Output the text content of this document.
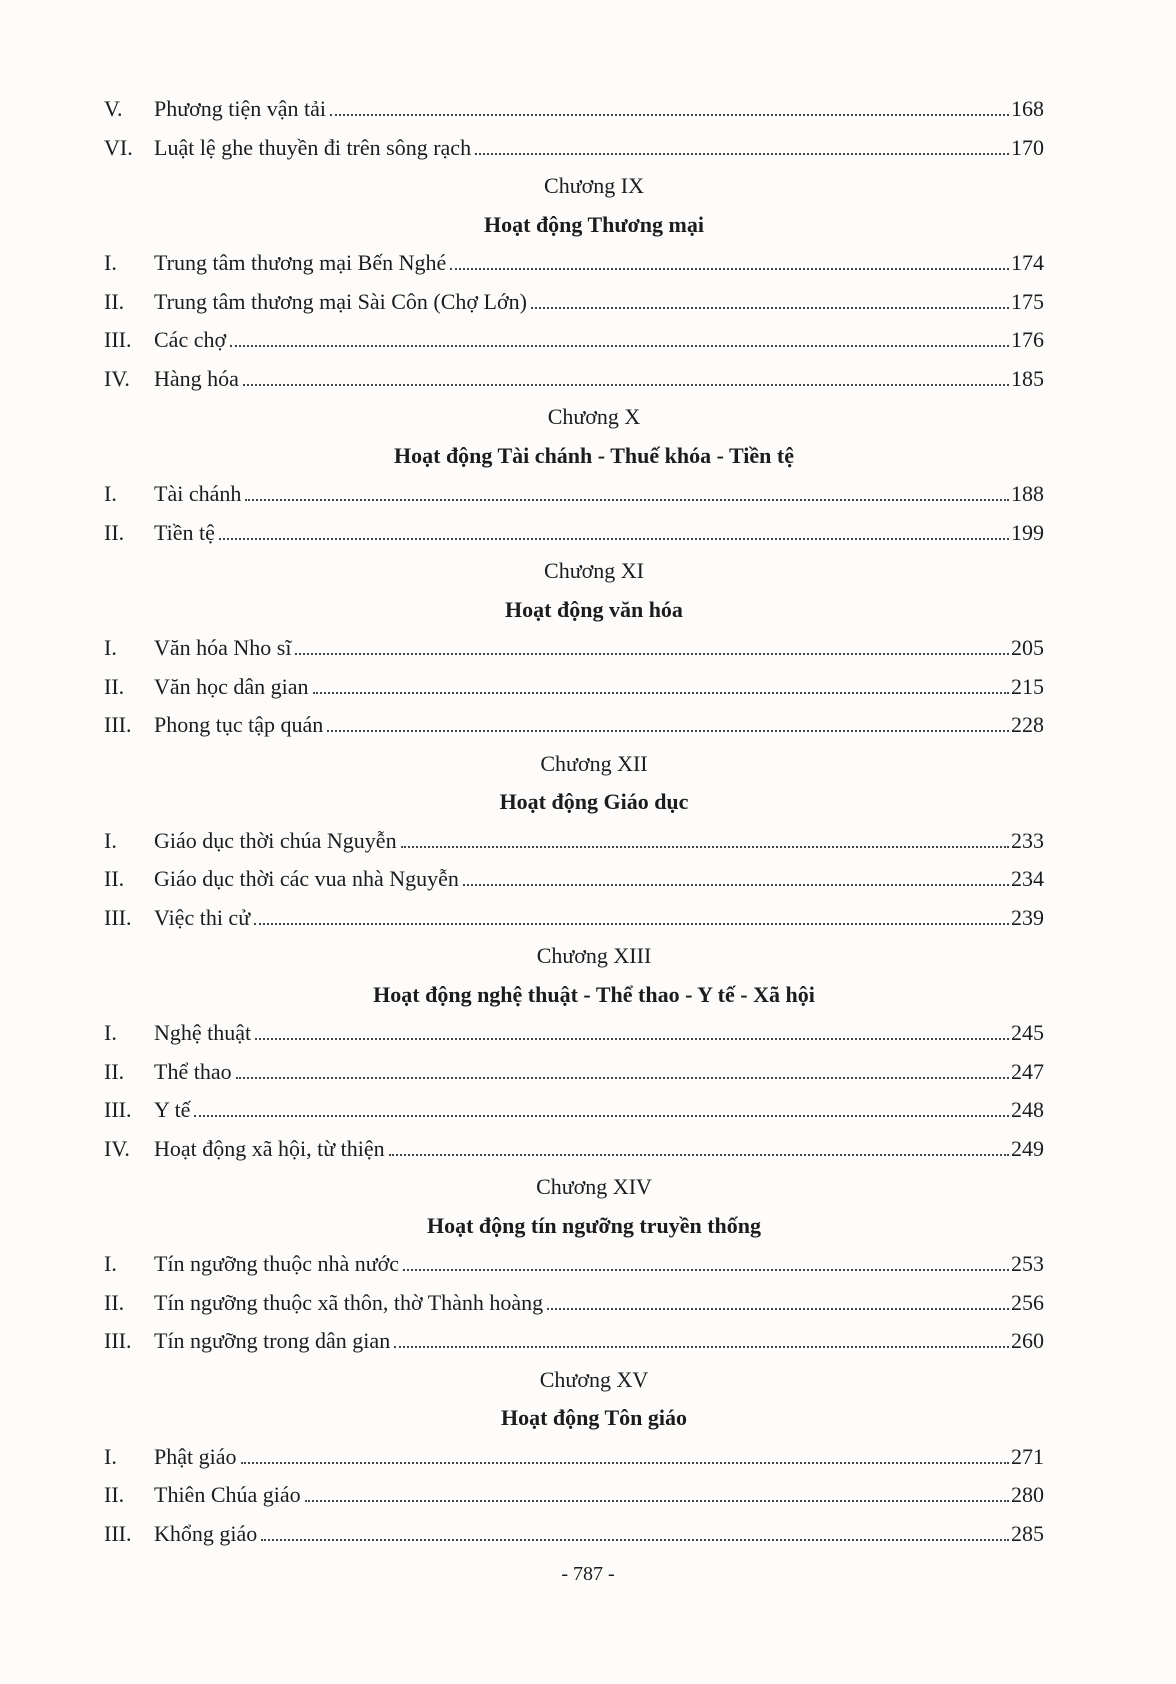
V.	Phương tiện vận tải	168
VI. Luật lệ ghe thuyền đi trên sông rạch	170
Chương IX
Hoạt động Thương mại
I.	Trung tâm thương mại Bến Nghé	174
II.	Trung tâm thương mại Sài Côn (Chợ Lớn)	175
III.	Các chợ	176
IV.	Hàng hóa	185
Chương X
Hoạt động Tài chánh - Thuế khóa - Tiền tệ
I.	Tài chánh	188
II.	Tiền tệ	199
Chương XI
Hoạt động văn hóa
I.	Văn hóa Nho sĩ	205
II.	Văn học dân gian	215
III.	Phong tục tập quán	228
Chương XII
Hoạt động Giáo dục
I.	Giáo dục thời chúa Nguyễn	233
II.	Giáo dục thời các vua nhà Nguyễn	234
III.	Việc thi cử	239
Chương XIII
Hoạt động nghệ thuật - Thể thao - Y tế - Xã hội
I.	Nghệ thuật	245
II.	Thể thao	247
III.	Y tế	248
IV.	Hoạt động xã hội, từ thiện	249
Chương XIV
Hoạt động tín ngưỡng truyền thống
I.	Tín ngưỡng thuộc nhà nước	253
II.	Tín ngưỡng thuộc xã thôn, thờ Thành hoàng	256
III.	Tín ngưỡng trong dân gian	260
Chương XV
Hoạt động Tôn giáo
I.	Phật giáo	271
II.	Thiên Chúa giáo	280
III.	Khổng giáo	285
- 787 -
